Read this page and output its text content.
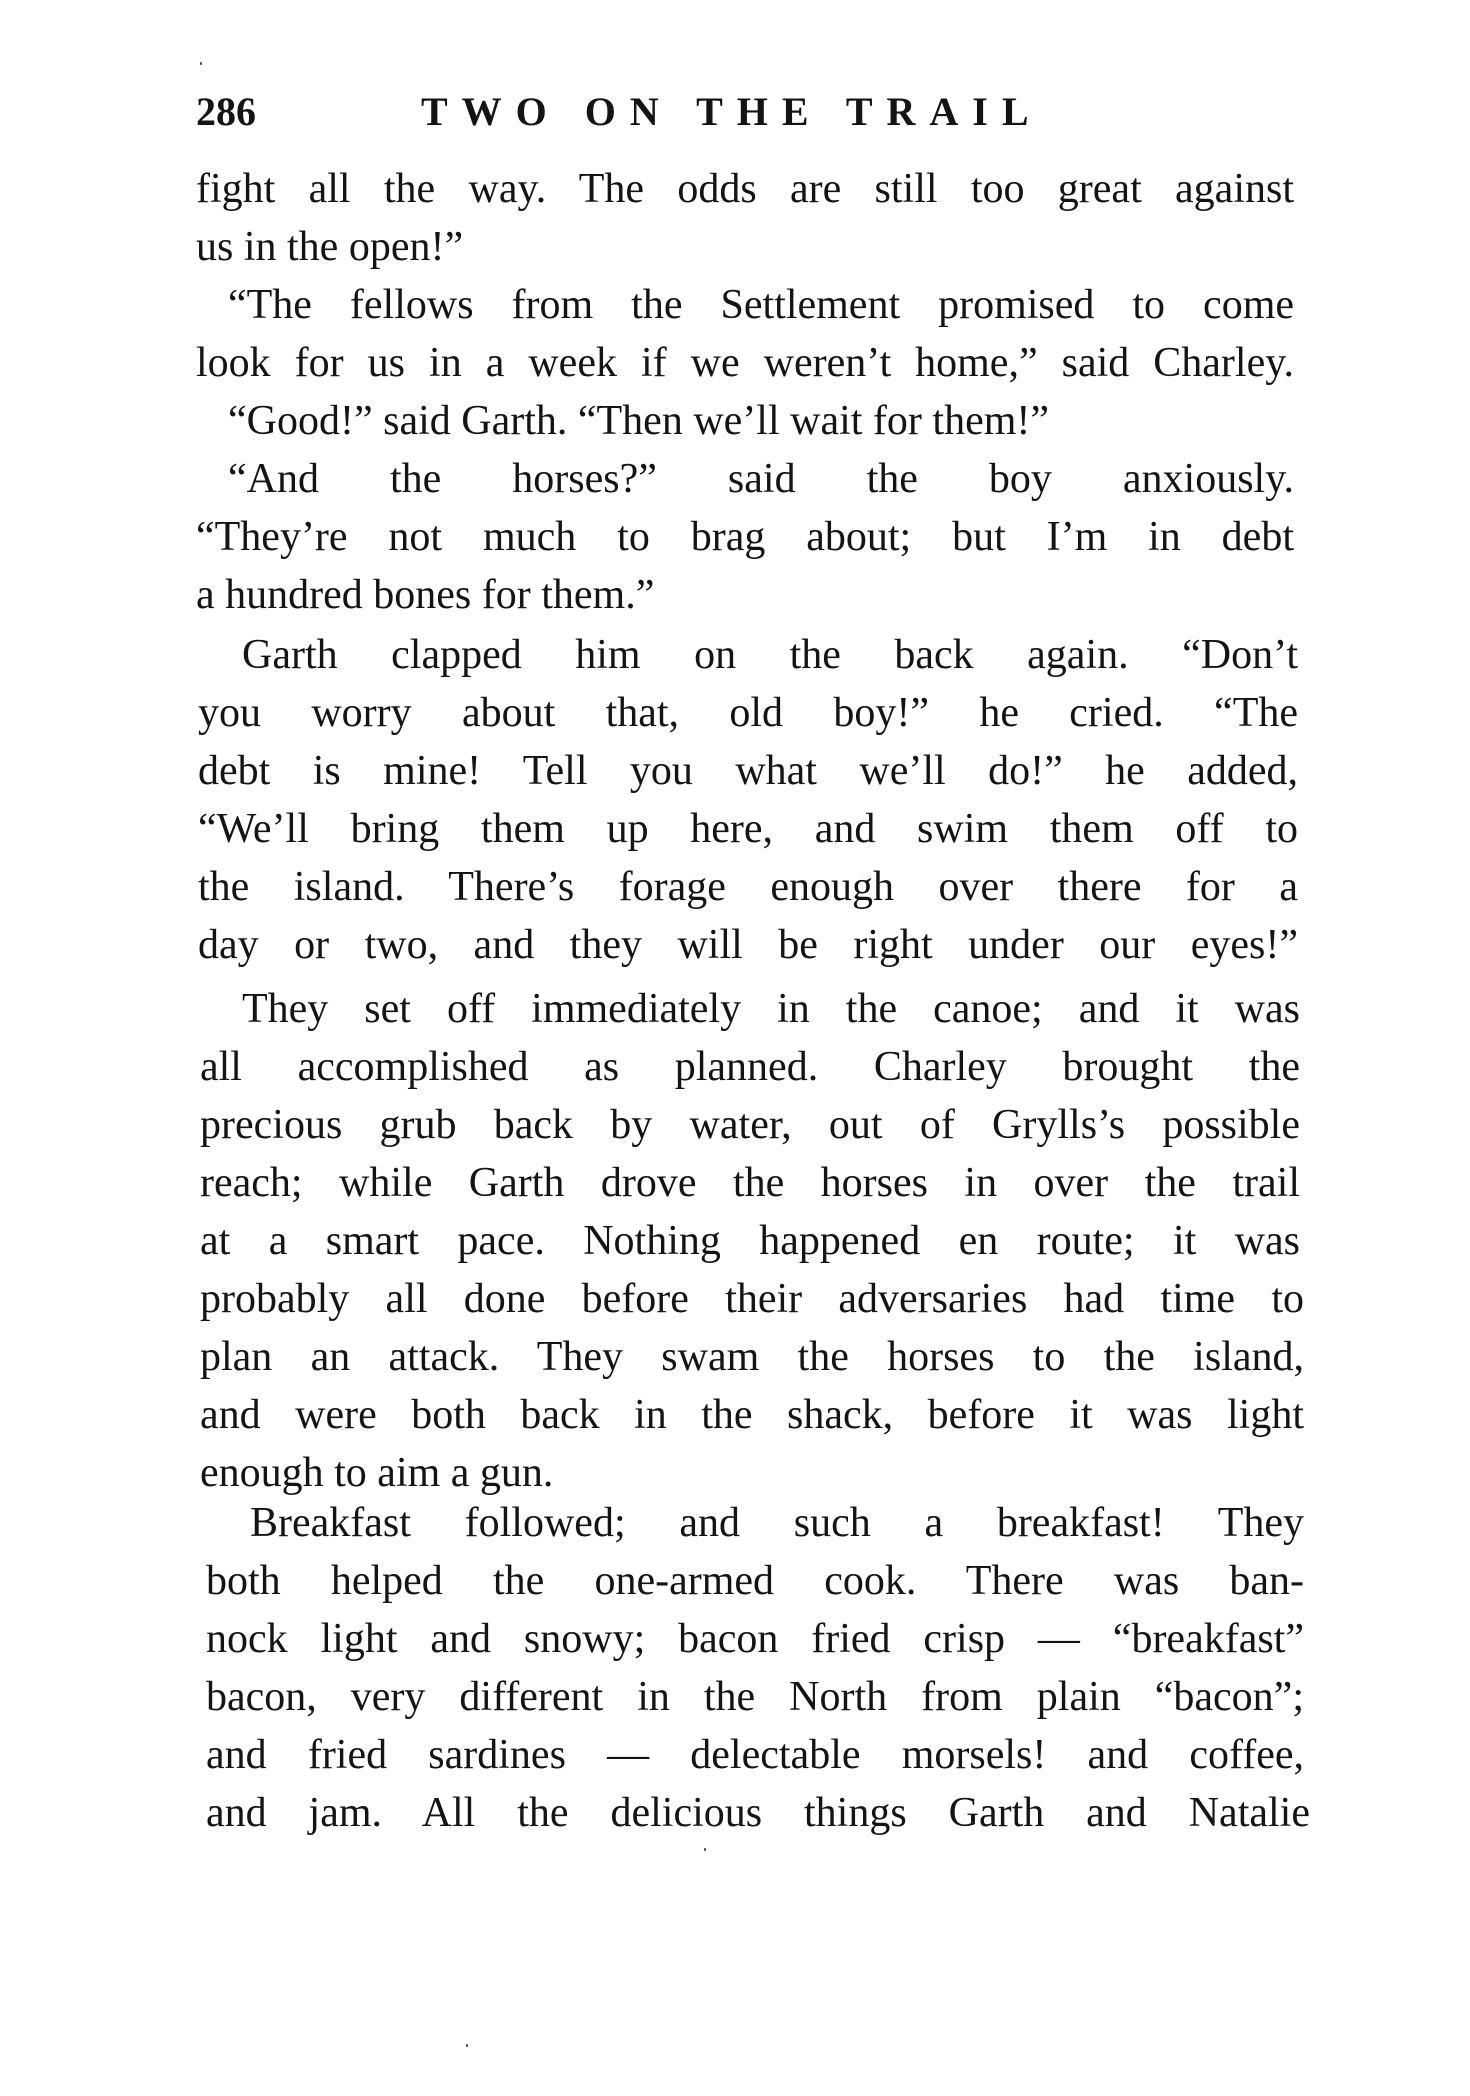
286	TWO ON THE TRAIL
fight all the way. The odds are still too great against
us in the open!”
“The fellows from the Settlement promised to come
look for us in a week if we weren’t home,” said Charley.
“Good!” said Garth. “Then we’ll wait for them!”
“And the horses?” said the boy anxiously.
“They’re not much to brag about; but I’m in debt
a hundred bones for them.”
Garth clapped him on the back again. “Don’t
you worry about that, old boy!” he cried. “The
debt is mine! Tell you what we’ll do!” he added,
“We’ll bring them up here, and swim them off to
the island. There’s forage enough over there for a
day or two, and they will be right under our eyes!”
They set off immediately in the canoe; and it was
all accomplished as planned. Charley brought the
precious grub back by water, out of Grylls’s possible
reach; while Garth drove the horses in over the trail
at a smart pace. Nothing happened en route; it was
probably all done before their adversaries had time to
plan an attack. They swam the horses to the island,
and were both back in the shack, before it was light
enough to aim a gun.
Breakfast followed; and such a breakfast! They
both helped the one-armed cook. There was ban-
nock light and snowy; bacon fried crisp — “breakfast”
bacon, very different in the North from plain “bacon”;
and fried sardines — delectable morsels! and coffee,
and jam. All the delicious things Garth and Natalie
